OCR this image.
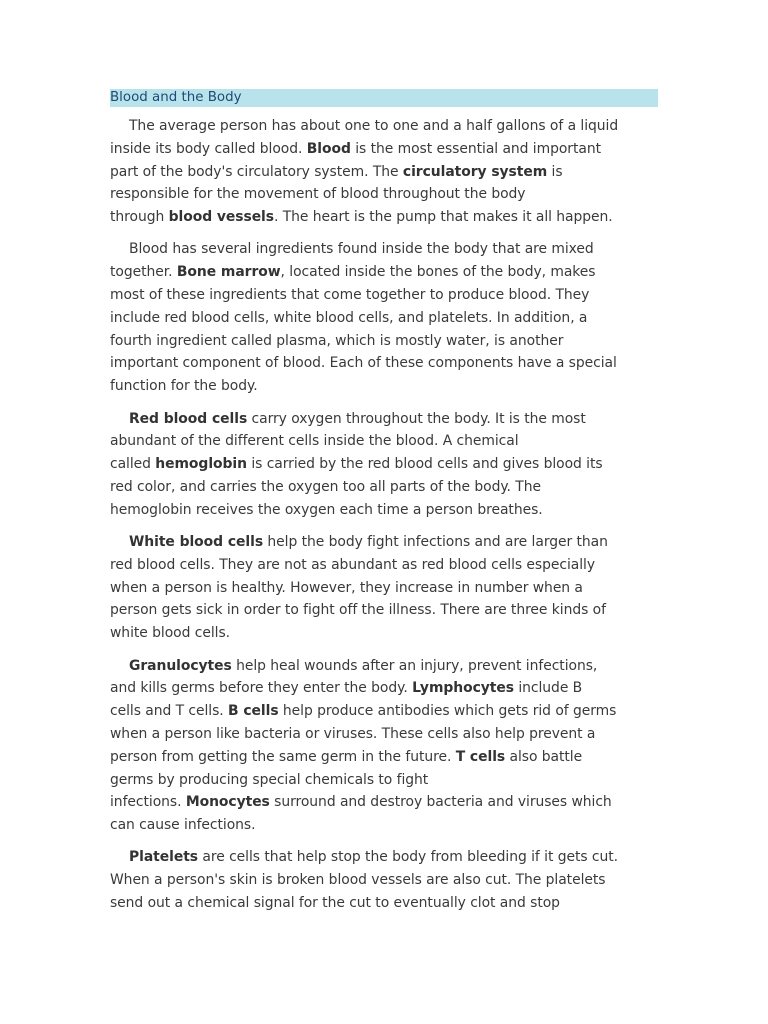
Blood and the Body

The average person has about one to one and a half gallons of a liquid
inside its body called blood. Blood is the most essential and important
part of the body's circulatory system. The circulatory system is
responsible for the movement of blood throughout the body
through blood vessels. The heart is the pump that makes it all happen.

Blood has several ingredients found inside the body that are mixed
together. Bone marrow, located inside the bones of the body, makes
most of these ingredients that come together to produce blood. They
include red blood cells, white blood cells, and platelets. In addition, a
fourth ingredient called plasma, which is mostly water, is another
important component of blood. Each of these components have a special
function for the body.

Red blood cells carry oxygen throughout the body. It is the most
abundant of the different cells inside the blood. A chemical
called hemoglobin is carried by the red blood cells and gives blood its
red color, and carries the oxygen too all parts of the body. The
hemoglobin receives the oxygen each time a person breathes.

White blood cells help the body fight infections and are larger than
red blood cells. They are not as abundant as red blood cells especially
when a person is healthy. However, they increase in number when a
person gets sick in order to fight off the illness. There are three kinds of
white blood cells.

Granulocytes help heal wounds after an injury, prevent infections,
and kills germs before they enter the body. Lymphocytes include B
cells and T cells. B cells help produce antibodies which gets rid of germs
when a person like bacteria or viruses. These cells also help prevent a
person from getting the same germ in the future. T cells also battle
germs by producing special chemicals to fight
infections. Monocytes surround and destroy bacteria and viruses which
can cause infections.

Platelets are cells that help stop the body from bleeding if it gets cut.
When a person's skin is broken blood vessels are also cut. The platelets
send out a chemical signal for the cut to eventually clot and stop
